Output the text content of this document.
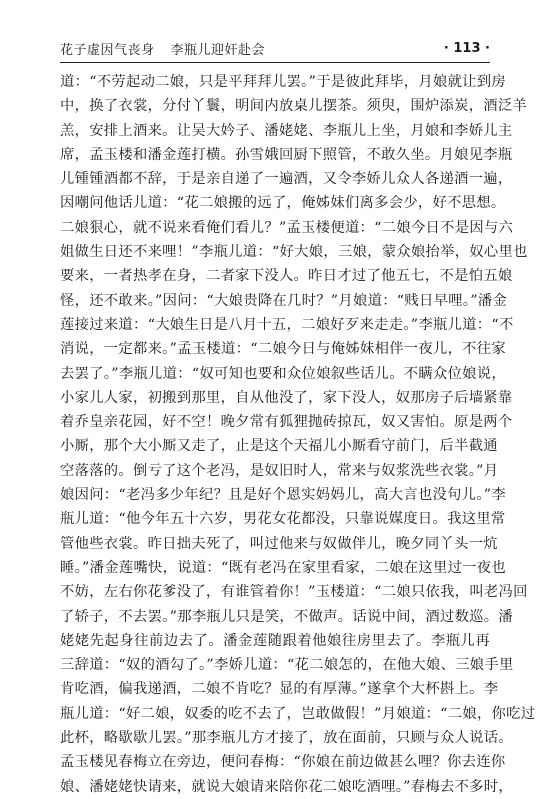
花子虚因气丧身 李瓶儿迎奸赴会	· 113 ·
道：“不劳起动二娘，只是平拜拜儿罢。”于是彼此拜毕，月娘就让到房
中，换了衣裳，分付丫鬟，明间内放桌儿摆茶。须臾，围炉添炭，酒泛羊
羔，安排上酒来。让吴大妗子、潘姥姥、李瓶儿上坐，月娘和李娇儿主
席，孟玉楼和潘金莲打横。孙雪娥回厨下照管，不敢久坐。月娘见李瓶
儿锺锺酒都不辞，于是亲自递了一遍酒，又令李娇儿众人各递酒一遍，
因嘲问他话儿道：“花二娘搬的远了，俺姊妹们离多会少，好不思想。
二娘狠心，就不说来看俺们看儿？”孟玉楼便道：“二娘今日不是因与六
姐做生日还不来哩！”李瓶儿道：“好大娘，三娘，蒙众娘抬举，奴心里也
要来，一者热孝在身，二者家下没人。昨日才过了他五七，不是怕五娘
怪，还不敢来。”因问：“大娘贵降在几时？”月娘道：“贱日早哩。”潘金
莲接过来道：“大娘生日是八月十五，二娘好歹来走走。”李瓶儿道：“不
消说，一定都来。”孟玉楼道：“二娘今日与俺姊妹相伴一夜儿，不往家
去罢了。”李瓶儿道：“奴可知也要和众位娘叙些话儿。不瞒众位娘说，
小家儿人家，初搬到那里，自从他没了，家下没人，奴那房子后墙紧靠
着乔皇亲花园，好不空！晚夕常有狐狸抛砖掠瓦，奴又害怕。原是两个
小厮，那个大小厮又走了，止是这个天福儿小厮看守前门，后半截通
空落落的。倒亏了这个老冯，是奴旧时人，常来与奴浆洗些衣裳。”月
娘因问：“老冯多少年纪？且是好个恩实妈妈儿，高大言也没句儿。”李
瓶儿道：“他今年五十六岁，男花女花都没，只靠说媒度日。我这里常
管他些衣裳。昨日拙夫死了，叫过他来与奴做伴儿，晚夕同丫头一炕
睡。”潘金莲嘴快，说道：“既有老冯在家里看家，二娘在这里过一夜也
不妨，左右你花爹没了，有谁管着你！”玉楼道：“二娘只依我，叫老冯回
了轿子，不去罢。”那李瓶儿只是笑，不做声。话说中间，酒过数巡。潘
姥姥先起身往前边去了。潘金莲随跟着他娘往房里去了。李瓶儿再
三辞道：“奴的酒勾了。”李娇儿道：“花二娘怎的，在他大娘、三娘手里
肯吃酒，偏我递酒，二娘不肯吃？显的有厚薄。”遂拿个大杯斟上。李
瓶儿道：“好二娘，奴委的吃不去了，岂敢做假！”月娘道：“二娘，你吃过
此杯，略歇歇儿罢。”那李瓶儿方才接了，放在面前，只顾与众人说话。
孟玉楼见春梅立在旁边，便问春梅：“你娘在前边做甚么哩？你去连你
娘、潘姥姥快请来，就说大娘请来陪你花二娘吃酒哩。”春梅去不多时，
